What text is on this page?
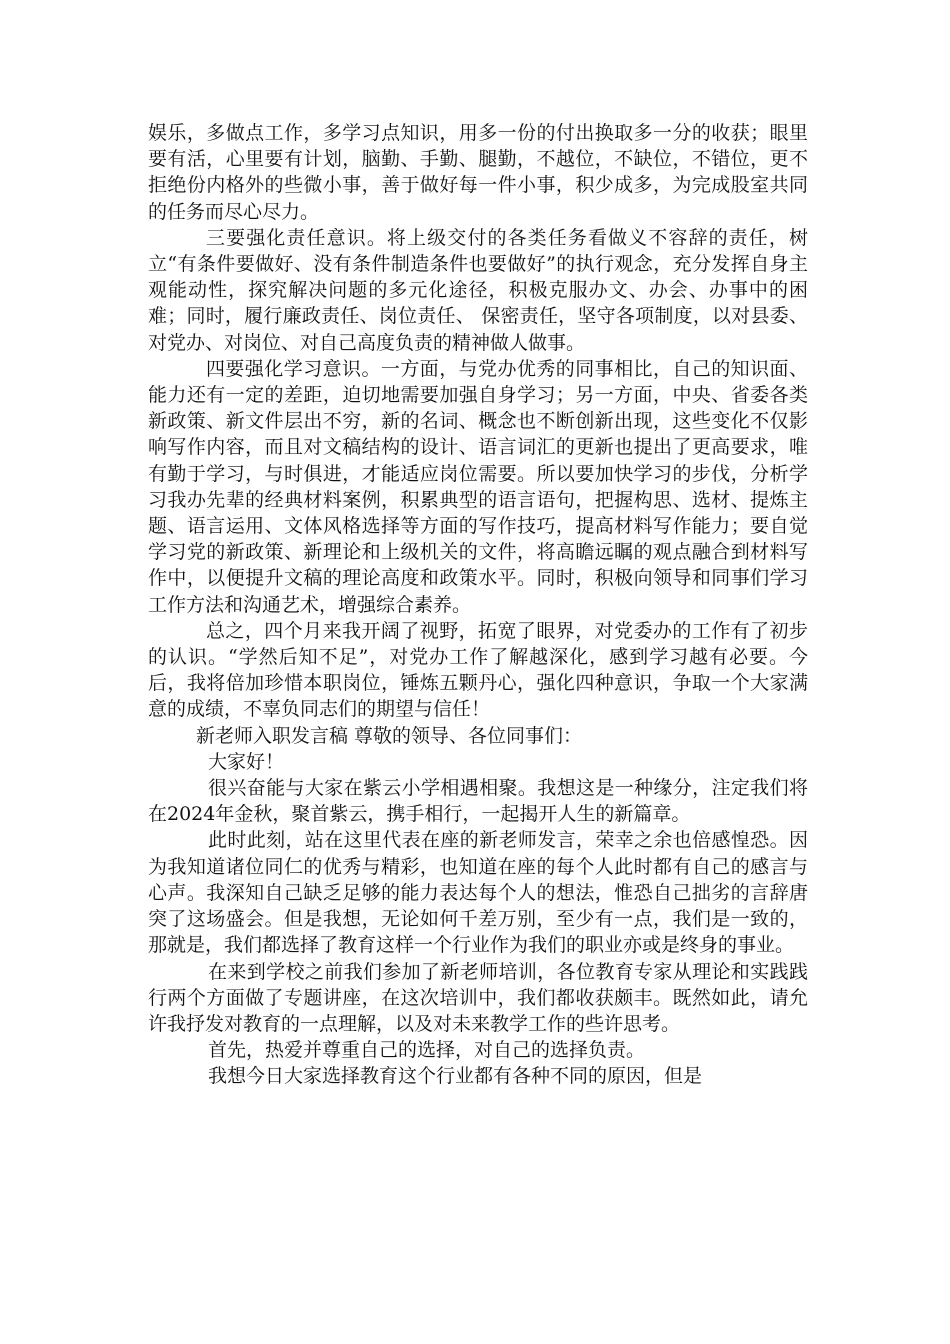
娱乐，多做点工作，多学习点知识，用多一份的付出换取多一分的收获；眼里要有活，心里要有计划，脑勤、手勤、腿勤，不越位，不缺位，不错位，更不拒绝份内格外的些微小事，善于做好每一件小事，积少成多，为完成股室共同的任务而尽心尽力。

三要强化责任意识。将上级交付的各类任务看做义不容辞的责任，树立“有条件要做好、没有条件制造条件也要做好”的执行观念，充分发挥自身主观能动性，探究解决问题的多元化途径，积极克服办文、办会、办事中的困难；同时，履行廉政责任、岗位责任、 保密责任，坚守各项制度，以对县委、对党办、对岗位、对自己高度负责的精神做人做事。

四要强化学习意识。一方面，与党办优秀的同事相比，自己的知识面、能力还有一定的差距，迫切地需要加强自身学习；另一方面，中央、省委各类新政策、新文件层出不穷，新的名词、概念也不断创新出现，这些变化不仅影响写作内容，而且对文稿结构的设计、语言词汇的更新也提出了更高要求，唯有勤于学习，与时俱进，才能适应岗位需要。所以要加快学习的步伐，分析学习我办先辈的经典材料案例，积累典型的语言语句，把握构思、选材、提炼主题、语言运用、文体风格选择等方面的写作技巧，提高材料写作能力；要自觉学习党的新政策、新理论和上级机关的文件，将高瞻远瞩的观点融合到材料写作中，以便提升文稿的理论高度和政策水平。同时，积极向领导和同事们学习工作方法和沟通艺术，增强综合素养。

总之，四个月来我开阔了视野，拓宽了眼界，对党委办的工作有了初步的认识。“学然后知不足”，对党办工作了解越深化，感到学习越有必要。今后，我将倍加珍惜本职岗位，锤炼五颗丹心，强化四种意识，争取一个大家满意的成绩，不辜负同志们的期望与信任！

新老师入职发言稿 尊敬的领导、各位同事们：

大家好！

很兴奋能与大家在紫云小学相遇相聚。我想这是一种缘分，注定我们将在2024年金秋，聚首紫云，携手相行，一起揭开人生的新篇章。

此时此刻，站在这里代表在座的新老师发言，荣幸之余也倍感惶恐。因为我知道诸位同仁的优秀与精彩，也知道在座的每个人此时都有自己的感言与心声。我深知自己缺乏足够的能力表达每个人的想法，惟恐自己拙劣的言辞唐突了这场盛会。但是我想，无论如何千差万别，至少有一点，我们是一致的，那就是，我们都选择了教育这样一个行业作为我们的职业亦或是终身的事业。

在来到学校之前我们参加了新老师培训，各位教育专家从理论和实践践行两个方面做了专题讲座，在这次培训中，我们都收获颇丰。既然如此，请允许我抒发对教育的一点理解，以及对未来教学工作的些许思考。

首先，热爱并尊重自己的选择，对自己的选择负责。

我想今日大家选择教育这个行业都有各种不同的原因，但是
